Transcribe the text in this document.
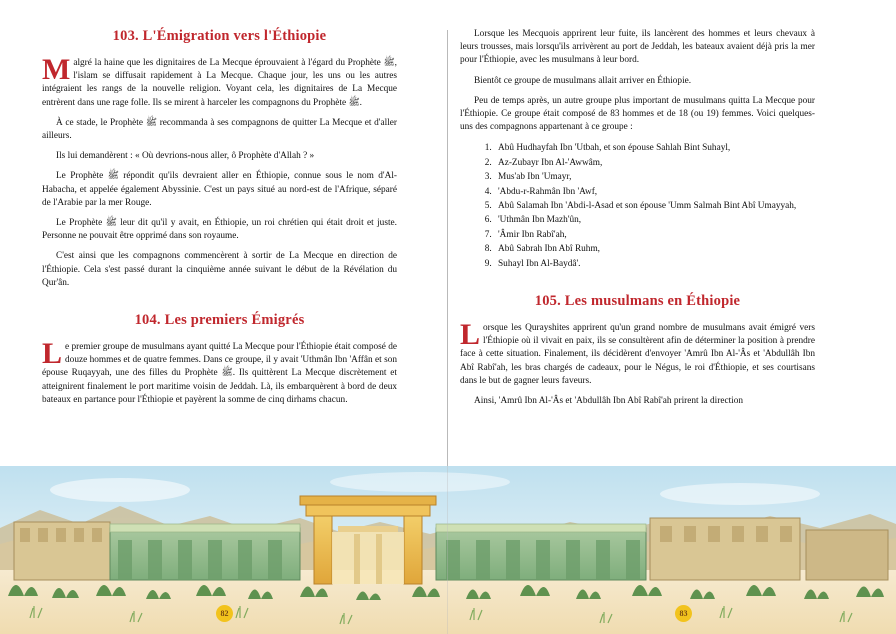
103. L'Émigration vers l'Éthiopie

Malgré la haine que les dignitaires de La Mecque éprouvaient à l'égard du Prophète ﷺ, l'islam se diffusait rapidement à La Mecque. Chaque jour, les uns ou les autres intégraient les rangs de la nouvelle religion. Voyant cela, les dignitaires de La Mecque entrèrent dans une rage folle. Ils se mirent à harceler les compagnons du Prophète ﷺ.

À ce stade, le Prophète ﷺ recommanda à ses compagnons de quitter La Mecque et d'aller ailleurs.

Ils lui demandèrent : « Où devrions-nous aller, ô Prophète d'Allah ? »

Le Prophète ﷺ répondit qu'ils devraient aller en Éthiopie, connue sous le nom d'Al-Habacha, et appelée également Abyssinie. C'est un pays situé au nord-est de l'Afrique, séparé de l'Arabie par la mer Rouge.

Le Prophète ﷺ leur dit qu'il y avait, en Éthiopie, un roi chrétien qui était droit et juste. Personne ne pouvait être opprimé dans son royaume.

C'est ainsi que les compagnons commencèrent à sortir de La Mecque en direction de l'Éthiopie. Cela s'est passé durant la cinquième année suivant le début de la Révélation du Qur'ân.

104. Les premiers Émigrés

Le premier groupe de musulmans ayant quitté La Mecque pour l'Éthiopie était composé de douze hommes et de quatre femmes. Dans ce groupe, il y avait 'Uthmân Ibn 'Affân et son épouse Ruqayyah, une des filles du Prophète ﷺ. Ils quittèrent La Mecque discrètement et atteignirent finalement le port maritime voisin de Jeddah. Là, ils embarquèrent à bord de deux bateaux en partance pour l'Éthiopie et payèrent la somme de cinq dirhams chacun.

Lorsque les Mecquois apprirent leur fuite, ils lancèrent des hommes et leurs chevaux à leurs trousses, mais lorsqu'ils arrivèrent au port de Jeddah, les bateaux avaient déjà pris la mer pour l'Éthiopie, avec les musulmans à leur bord.

Bientôt ce groupe de musulmans allait arriver en Éthiopie.

Peu de temps après, un autre groupe plus important de musulmans quitta La Mecque pour l'Éthiopie. Ce groupe était composé de 83 hommes et de 18 (ou 19) femmes. Voici quelques-uns des compagnons appartenant à ce groupe :

1. Abû Hudhayfah Ibn 'Utbah, et son épouse Sahlah Bint Suhayl,
2. Az-Zubayr Ibn Al-'Awwâm,
3. Mus'ab Ibn 'Umayr,
4. 'Abdu-r-Rahmân Ibn 'Awf,
5. Abû Salamah Ibn 'Abdi-l-Asad et son épouse 'Umm Salmah Bint Abî Umayyah,
6. 'Uthmân Ibn Mazh'ûn,
7. 'Âmir Ibn Rabî'ah,
8. Abû Sabrah Ibn Abî Ruhm,
9. Suhayl Ibn Al-Baydâ'.
105. Les musulmans en Éthiopie

Lorsque les Qurayshites apprirent qu'un grand nombre de musulmans avait émigré vers l'Éthiopie où il vivait en paix, ils se consultèrent afin de déterminer la position à prendre face à cette situation. Finalement, ils décidèrent d'envoyer 'Amrû Ibn Al-'Âs et 'Abdullâh Ibn Abî Rabî'ah, les bras chargés de cadeaux, pour le Négus, le roi d'Éthiopie, et ses courtisans dans le but de gagner leurs faveurs.

Ainsi, 'Amrû Ibn Al-'Âs et 'Abdullâh Ibn Abî Rabî'ah prirent la direction

82	83
